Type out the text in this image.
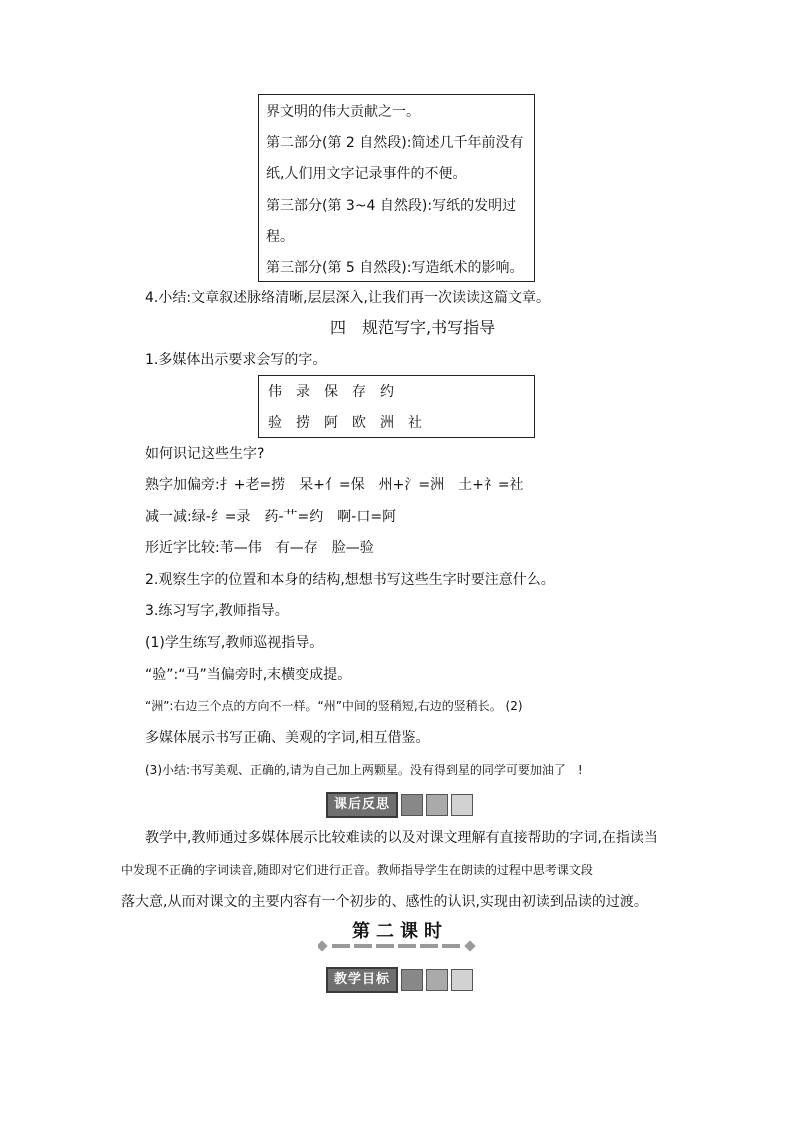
界文明的伟大贡献之一。
第二部分(第 2 自然段):简述几千年前没有
纸,人们用文字记录事件的不便。
第三部分(第 3~4 自然段):写纸的发明过
程。
第三部分(第 5 自然段):写造纸术的影响。
4.小结:文章叙述脉络清晰,层层深入,让我们再一次读读这篇文章。
四　规范写字,书写指导
1.多媒体出示要求会写的字。
伟　录　保　存　约
验　捞　阿　欧　洲　社
如何识记这些生字?
熟字加偏旁:扌+老=捞　呆+亻=保　州+氵=洲　土+礻=社
减一减:绿-纟=录　药-艹=约　啊-口=阿
形近字比较:苇—伟　有—存　脸—验
2.观察生字的位置和本身的结构,想想书写这些生字时要注意什么。
3.练习写字,教师指导。
(1)学生练写,教师巡视指导。
“验”:“马”当偏旁时,末横变成提。
“洲”:右边三个点的方向不一样。“州”中间的竖稍短,右边的竖稍长。 (2)
多媒体展示书写正确、美观的字词,相互借鉴。
(3)小结:书写美观、正确的,请为自己加上两颗星。没有得到星的同学可要加油了　!
课后反思
教学中,教师通过多媒体展示比较难读的以及对课文理解有直接帮助的字词,在指读当
中发现不正确的字词读音,随即对它们进行正音。教师指导学生在朗读的过程中思考课文段
落大意,从而对课文的主要内容有一个初步的、感性的认识,实现由初读到品读的过渡。
第二课时
教学目标
